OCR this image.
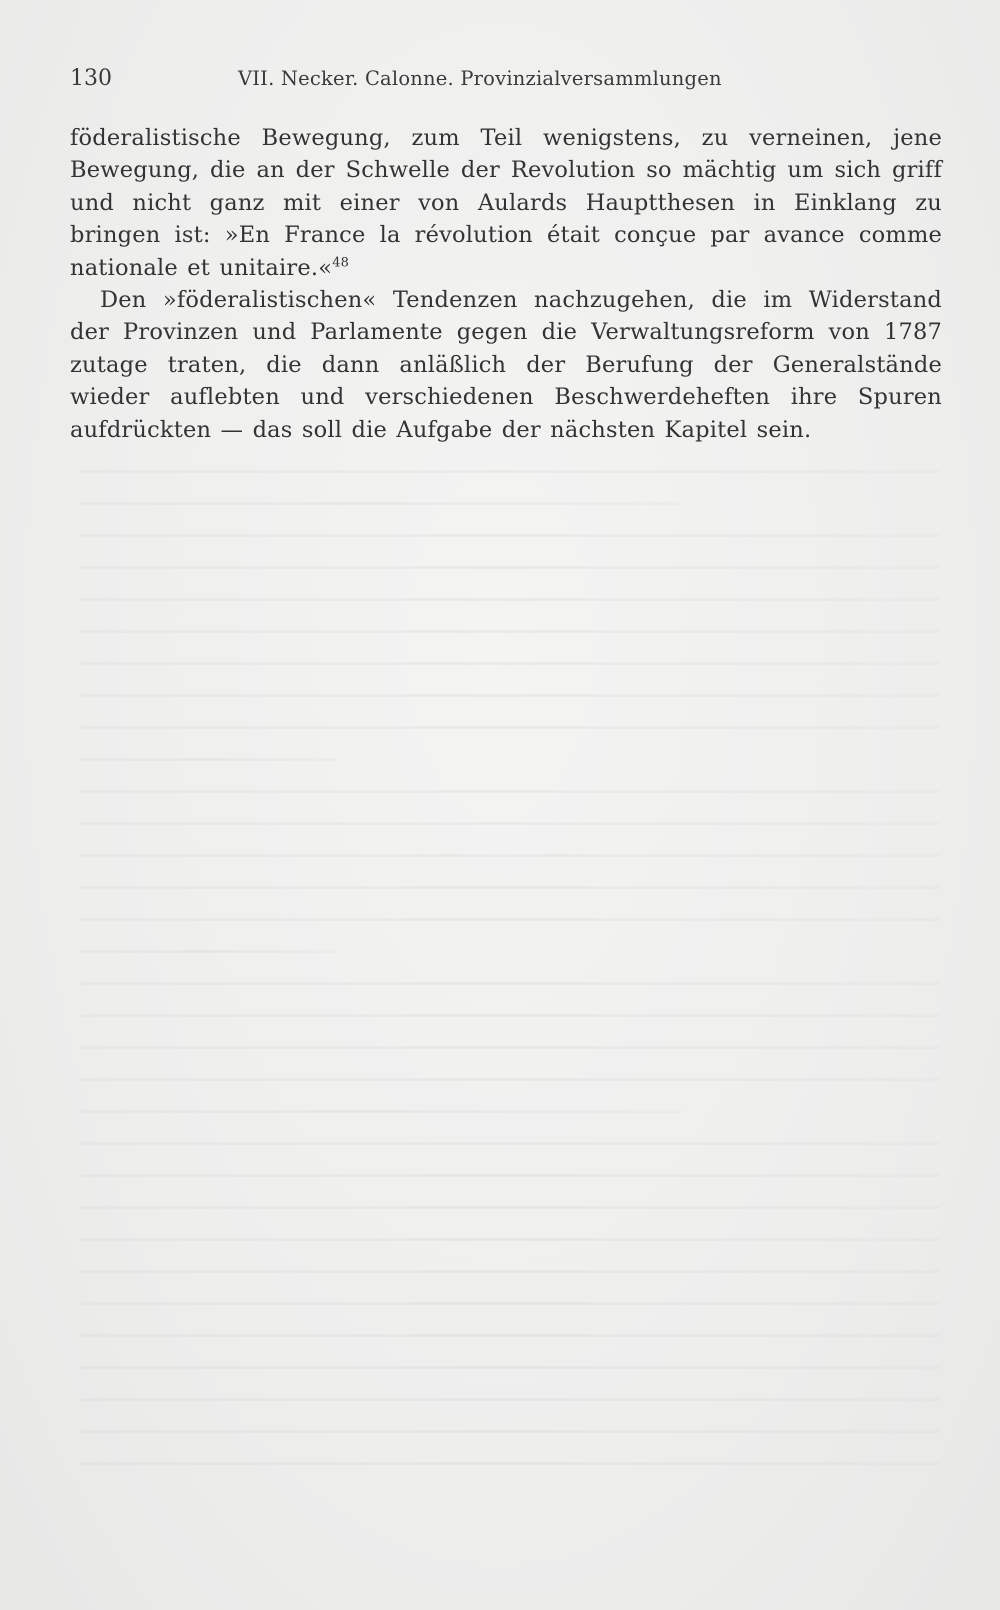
130	VII. Necker. Calonne. Provinzialversammlungen

föderalistische Bewegung, zum Teil wenigstens, zu verneinen, jene Bewegung, die an der Schwelle der Revolution so mächtig um sich griff und nicht ganz mit einer von Aulards Hauptthesen in Einklang zu bringen ist: »En France la révolution était conçue par avance comme nationale et unitaire.«$^{48}$

Den »föderalistischen« Tendenzen nachzugehen, die im Widerstand der Provinzen und Parlamente gegen die Verwaltungsreform von 1787 zutage traten, die dann anläßlich der Berufung der Generalstände wieder auflebten und verschiedenen Beschwerdeheften ihre Spuren aufdrückten — das soll die Aufgabe der nächsten Kapitel sein.
